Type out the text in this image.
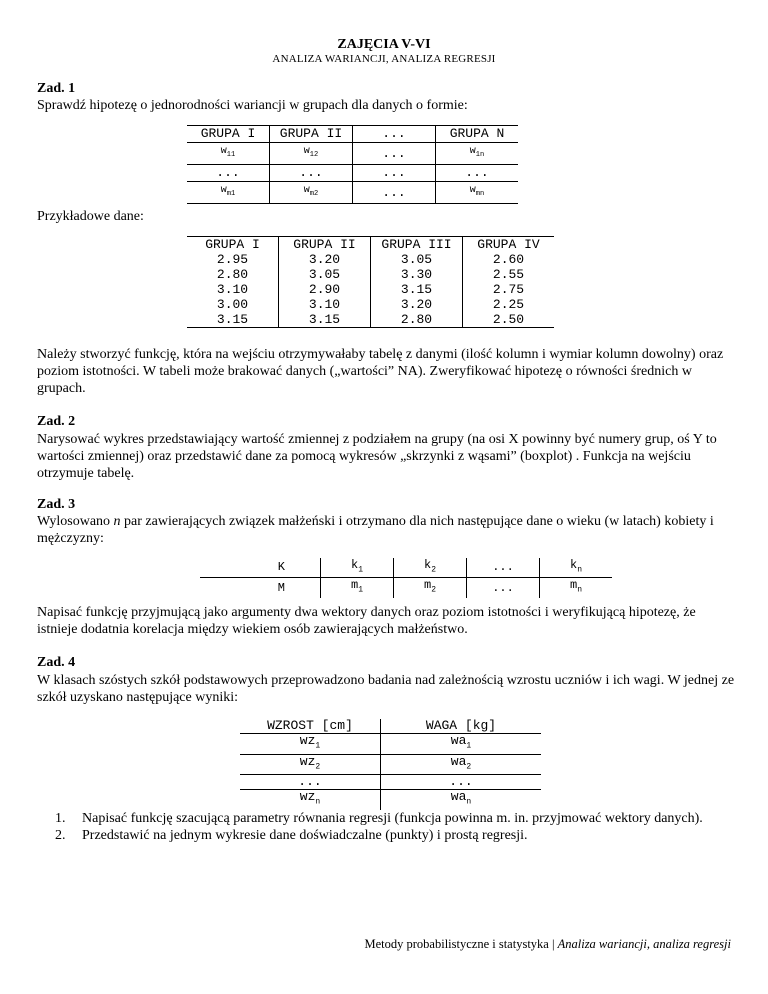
ZAJĘCIA V-VI
ANALIZA WARIANCJI, ANALIZA REGRESJI
Zad. 1
Sprawdź hipotezę o jednorodności wariancji w grupach dla danych o formie:
GRUPA I	GRUPA II	...	GRUPA N
$w_{11}$	$w_{12}$	...	$w_{1n}$
...	...	...	...
$w_{m1}$	$w_{m2}$	...	$w_{mn}$
Przykładowe dane:
GRUPA I	GRUPA II	GRUPA III	GRUPA IV
2.95	3.20	3.05	2.60
2.80	3.05	3.30	2.55
3.10	2.90	3.15	2.75
3.00	3.10	3.20	2.25
3.15	3.15	2.80	2.50
Należy stworzyć funkcję, która na wejściu otrzymywałaby tabelę z danymi (ilość kolumn i wymiar kolumn dowolny) oraz poziom istotności. W tabeli może brakować danych („wartości” NA). Zweryfikować hipotezę o równości średnich w grupach.
Zad. 2
Narysować wykres przedstawiający wartość zmiennej z podziałem na grupy (na osi X powinny być numery grup, oś Y to wartości zmiennej) oraz przedstawić dane za pomocą wykresów „skrzynki z wąsami” (boxplot) . Funkcja na wejściu otrzymuje tabelę.
Zad. 3
Wylosowano n par zawierających związek małżeński i otrzymano dla nich następujące dane o wieku (w latach) kobiety i mężczyzny:
K	$k_1$	$k_2$	...	$k_n$
M	$m_1$	$m_2$	...	$m_n$
Napisać funkcję przyjmującą jako argumenty dwa wektory danych oraz poziom istotności i weryfikującą hipotezę, że istnieje dodatnia korelacja między wiekiem osób zawierających małżeństwo.
Zad. 4
W klasach szóstych szkół podstawowych przeprowadzono badania nad zależnością wzrostu uczniów i ich wagi. W jednej ze szkół uzyskano następujące wyniki:
WZROST [cm]	WAGA [kg]
$wz_1$	$wa_1$
$wz_2$	$wa_2$
...	...
$wz_n$	$wa_n$
1. Napisać funkcję szacującą parametry równania regresji (funkcja powinna m. in. przyjmować wektory danych).
2. Przedstawić na jednym wykresie dane doświadczalne (punkty) i prostą regresji.
Metody probabilistyczne i statystyka | Analiza wariancji, analiza regresji
